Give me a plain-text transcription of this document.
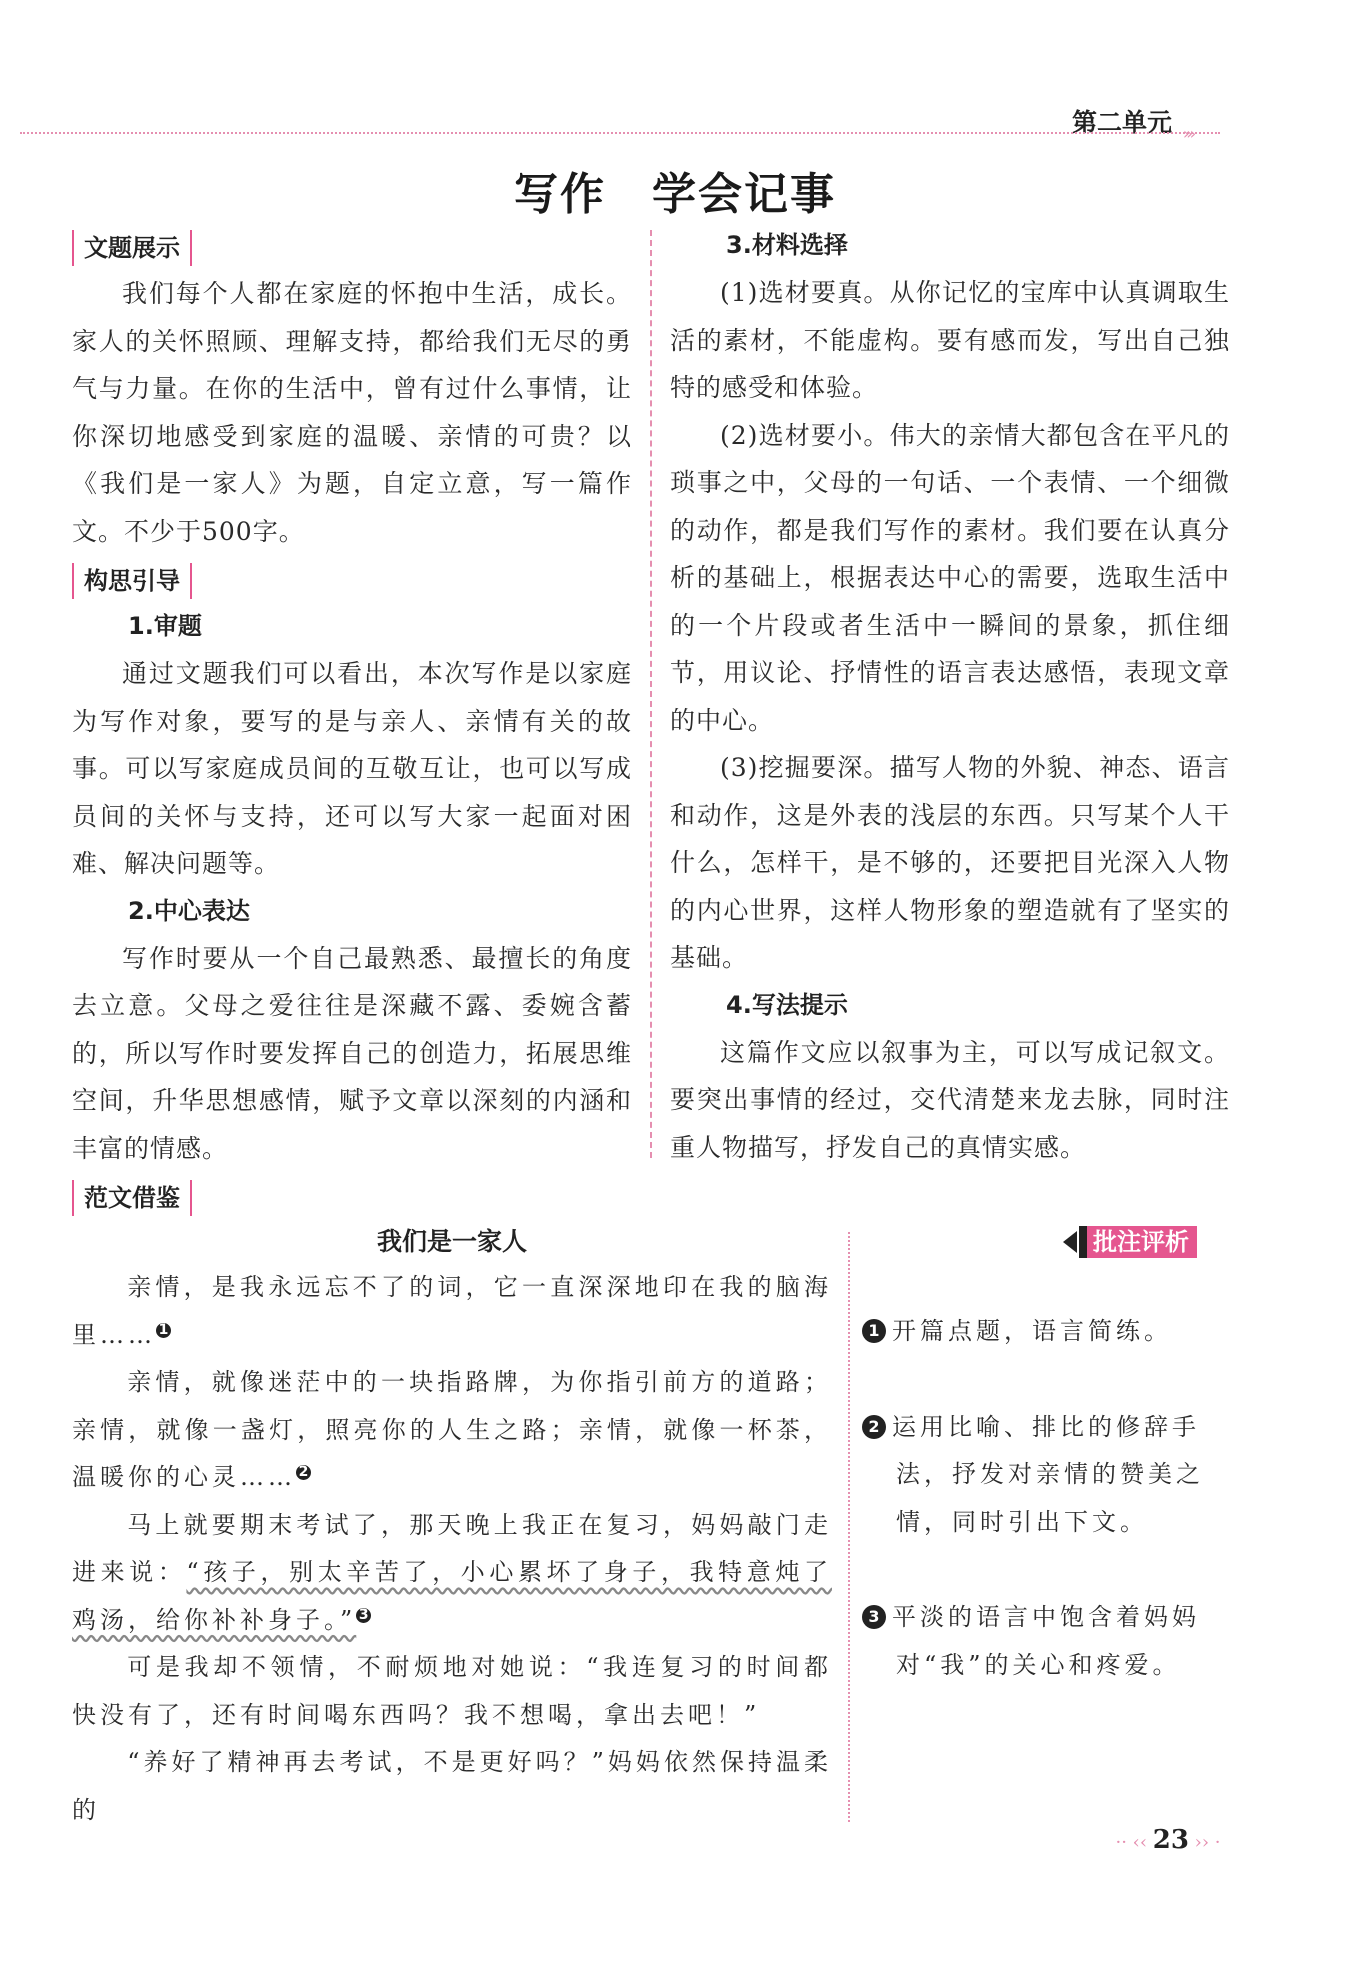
第二单元 ›››
写作　学会记事
文题展示

我们每个人都在家庭的怀抱中生活，成长。家人的关怀照顾、理解支持，都给我们无尽的勇气与力量。在你的生活中，曾有过什么事情，让你深切地感受到家庭的温暖、亲情的可贵？以《我们是一家人》为题，自定立意，写一篇作文。不少于500字。

构思引导
1.审题

通过文题我们可以看出，本次写作是以家庭为写作对象，要写的是与亲人、亲情有关的故事。可以写家庭成员间的互敬互让，也可以写成员间的关怀与支持，还可以写大家一起面对困难、解决问题等。

2.中心表达

写作时要从一个自己最熟悉、最擅长的角度去立意。父母之爱往往是深藏不露、委婉含蓄的，所以写作时要发挥自己的创造力，拓展思维空间，升华思想感情，赋予文章以深刻的内涵和丰富的情感。

范文借鉴
3.材料选择

(1)选材要真。从你记忆的宝库中认真调取生活的素材，不能虚构。要有感而发，写出自己独特的感受和体验。

(2)选材要小。伟大的亲情大都包含在平凡的琐事之中，父母的一句话、一个表情、一个细微的动作，都是我们写作的素材。我们要在认真分析的基础上，根据表达中心的需要，选取生活中的一个片段或者生活中一瞬间的景象，抓住细节，用议论、抒情性的语言表达感悟，表现文章的中心。

(3)挖掘要深。描写人物的外貌、神态、语言和动作，这是外表的浅层的东西。只写某个人干什么，怎样干，是不够的，还要把目光深入人物的内心世界，这样人物形象的塑造就有了坚实的基础。

4.写法提示

这篇作文应以叙事为主，可以写成记叙文。要突出事情的经过，交代清楚来龙去脉，同时注重人物描写，抒发自己的真情实感。

我们是一家人

亲情，是我永远忘不了的词，它一直深深地印在我的脑海里…… $^1$

亲情，就像迷茫中的一块指路牌，为你指引前方的道路；亲情，就像一盏灯，照亮你的人生之路；亲情，就像一杯茶，温暖你的心灵…… $^2$

马上就要期末考试了，那天晚上我正在复习，妈妈敲门走进来说：“孩子，别太辛苦了，小心累坏了身子，我特意炖了鸡汤，给你补补身子。” $^3$

可是我却不领情，不耐烦地对她说：“我连复习的时间都快没有了，还有时间喝东西吗？我不想喝，拿出去吧！”

“养好了精神再去考试，不是更好吗？”妈妈依然保持温柔的

批注评析
1 开篇点题，语言简练。
2 运用比喻、排比的修辞手法，抒发对亲情的赞美之情，同时引出下文。
3 平淡的语言中饱含着妈妈对“我”的关心和疼爱。
·· ‹‹ 23 ›› ·
